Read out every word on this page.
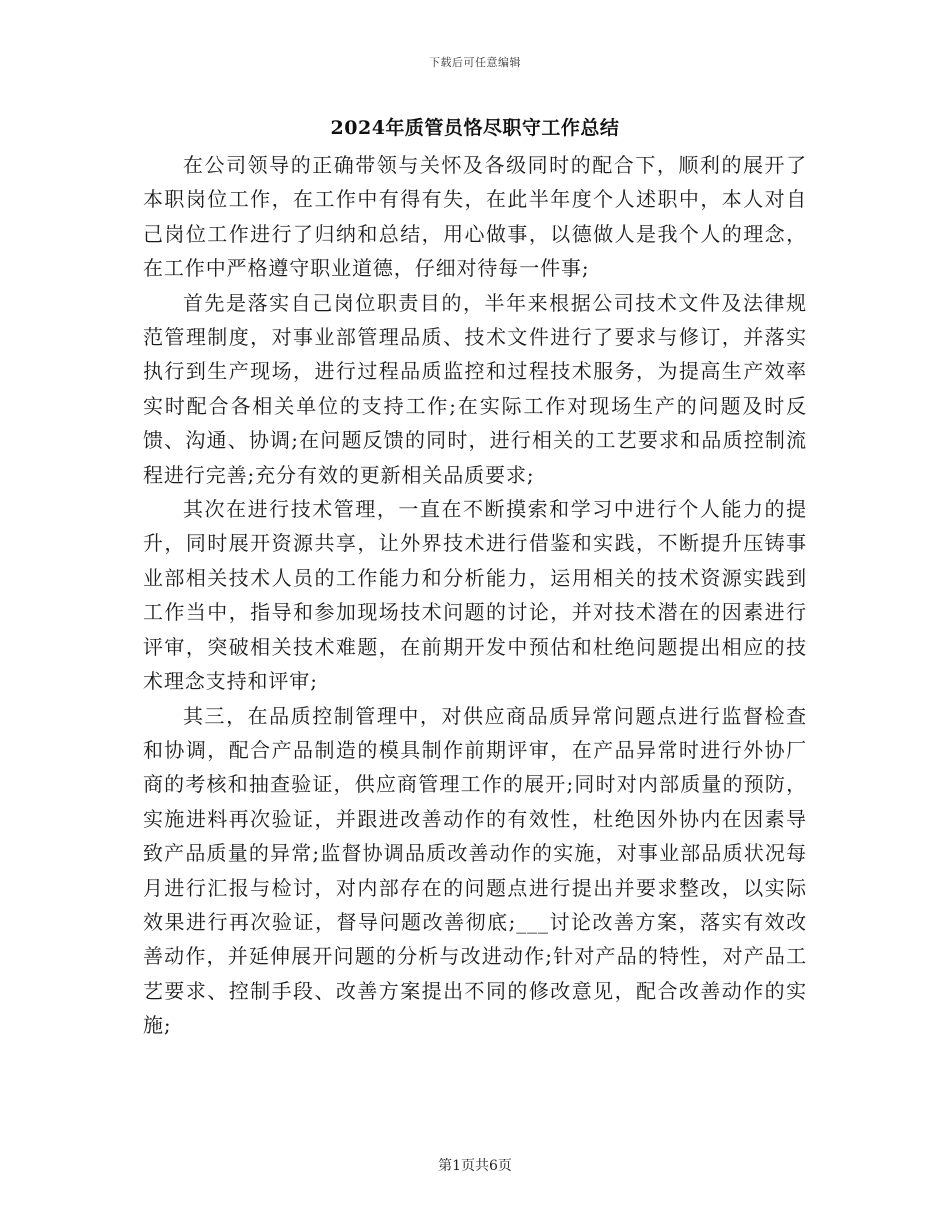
下载后可任意编辑
2024年质管员恪尽职守工作总结

在公司领导的正确带领与关怀及各级同时的配合下，顺利的展开了本职岗位工作，在工作中有得有失，在此半年度个人述职中，本人对自己岗位工作进行了归纳和总结，用心做事，以德做人是我个人的理念，在工作中严格遵守职业道德，仔细对待每一件事;

首先是落实自己岗位职责目的，半年来根据公司技术文件及法律规范管理制度，对事业部管理品质、技术文件进行了要求与修订，并落实执行到生产现场，进行过程品质监控和过程技术服务，为提高生产效率实时配合各相关单位的支持工作;在实际工作对现场生产的问题及时反馈、沟通、协调;在问题反馈的同时，进行相关的工艺要求和品质控制流程进行完善;充分有效的更新相关品质要求;

其次在进行技术管理，一直在不断摸索和学习中进行个人能力的提升，同时展开资源共享，让外界技术进行借鉴和实践，不断提升压铸事业部相关技术人员的工作能力和分析能力，运用相关的技术资源实践到工作当中，指导和参加现场技术问题的讨论，并对技术潜在的因素进行评审，突破相关技术难题，在前期开发中预估和杜绝问题提出相应的技术理念支持和评审;

其三，在品质控制管理中，对供应商品质异常问题点进行监督检查和协调，配合产品制造的模具制作前期评审，在产品异常时进行外协厂商的考核和抽查验证，供应商管理工作的展开;同时对内部质量的预防，实施进料再次验证，并跟进改善动作的有效性，杜绝因外协内在因素导致产品质量的异常;监督协调品质改善动作的实施，对事业部品质状况每月进行汇报与检讨，对内部存在的问题点进行提出并要求整改，以实际效果进行再次验证，督导问题改善彻底;___讨论改善方案，落实有效改善动作，并延伸展开问题的分析与改进动作;针对产品的特性，对产品工艺要求、控制手段、改善方案提出不同的修改意见，配合改善动作的实施;

第1页共6页
